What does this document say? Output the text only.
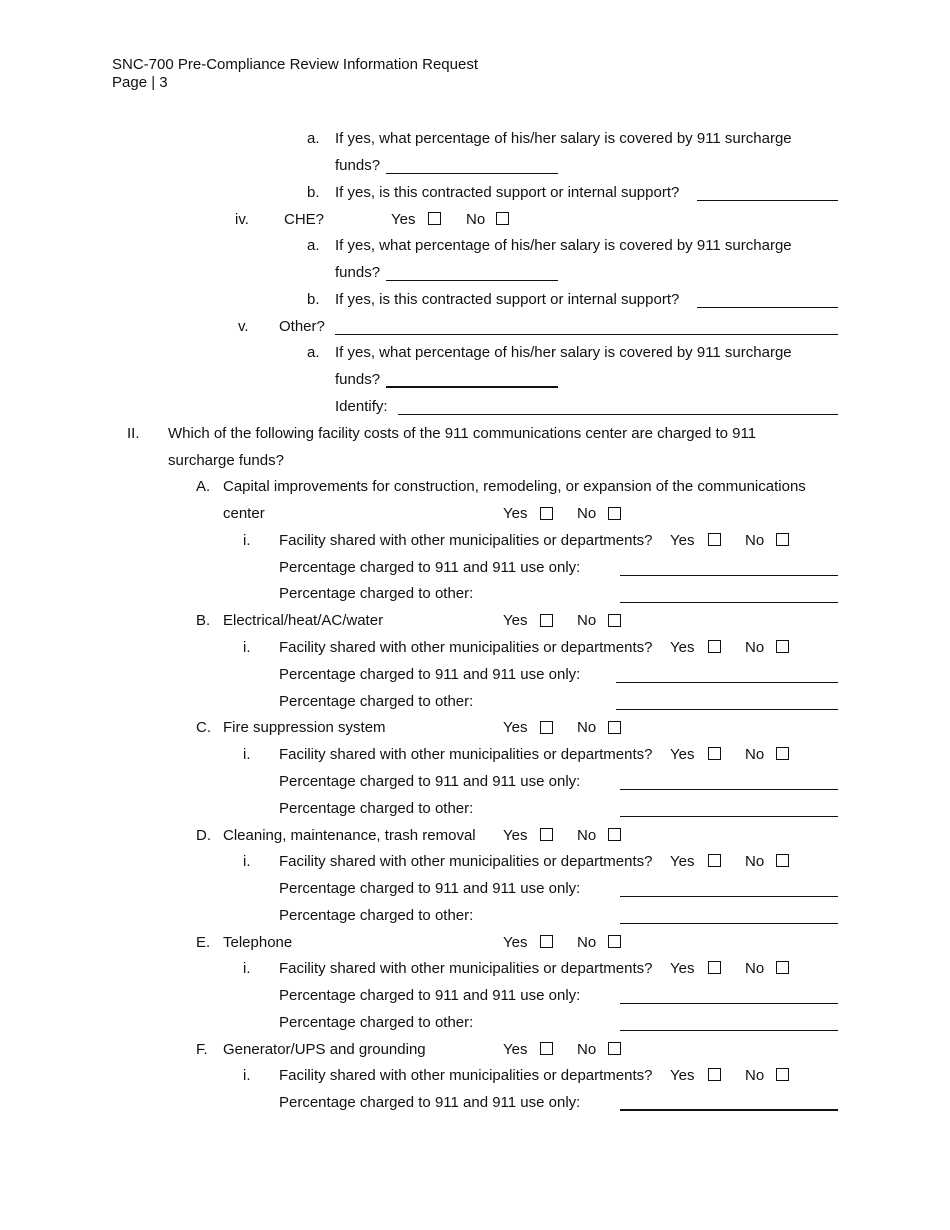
SNC-700 Pre-Compliance Review Information Request
Page | 3
a. If yes, what percentage of his/her salary is covered by 911 surcharge
funds?
b. If yes, is this contracted support or internal support?
iv. CHE?	Yes	No
a. If yes, what percentage of his/her salary is covered by 911 surcharge
funds?
b. If yes, is this contracted support or internal support?
v. Other?
a. If yes, what percentage of his/her salary is covered by 911 surcharge
funds?
Identify:
II. Which of the following facility costs of the 911 communications center are charged to 911
surcharge funds?
A. Capital improvements for construction, remodeling, or expansion of the communications
center	Yes	No
i. Facility shared with other municipalities or departments? Yes	No
Percentage charged to 911 and 911 use only:
Percentage charged to other:
B. Electrical/heat/AC/water	Yes	No
i. Facility shared with other municipalities or departments? Yes	No
Percentage charged to 911 and 911 use only:
Percentage charged to other:
C. Fire suppression system	Yes	No
i. Facility shared with other municipalities or departments? Yes	No
Percentage charged to 911 and 911 use only:
Percentage charged to other:
D. Cleaning, maintenance, trash removal Yes	No
i. Facility shared with other municipalities or departments? Yes	No
Percentage charged to 911 and 911 use only:
Percentage charged to other:
E. Telephone	Yes	No
i. Facility shared with other municipalities or departments? Yes	No
Percentage charged to 911 and 911 use only:
Percentage charged to other:
F. Generator/UPS and grounding	Yes	No
i. Facility shared with other municipalities or departments? Yes	No
Percentage charged to 911 and 911 use only:
